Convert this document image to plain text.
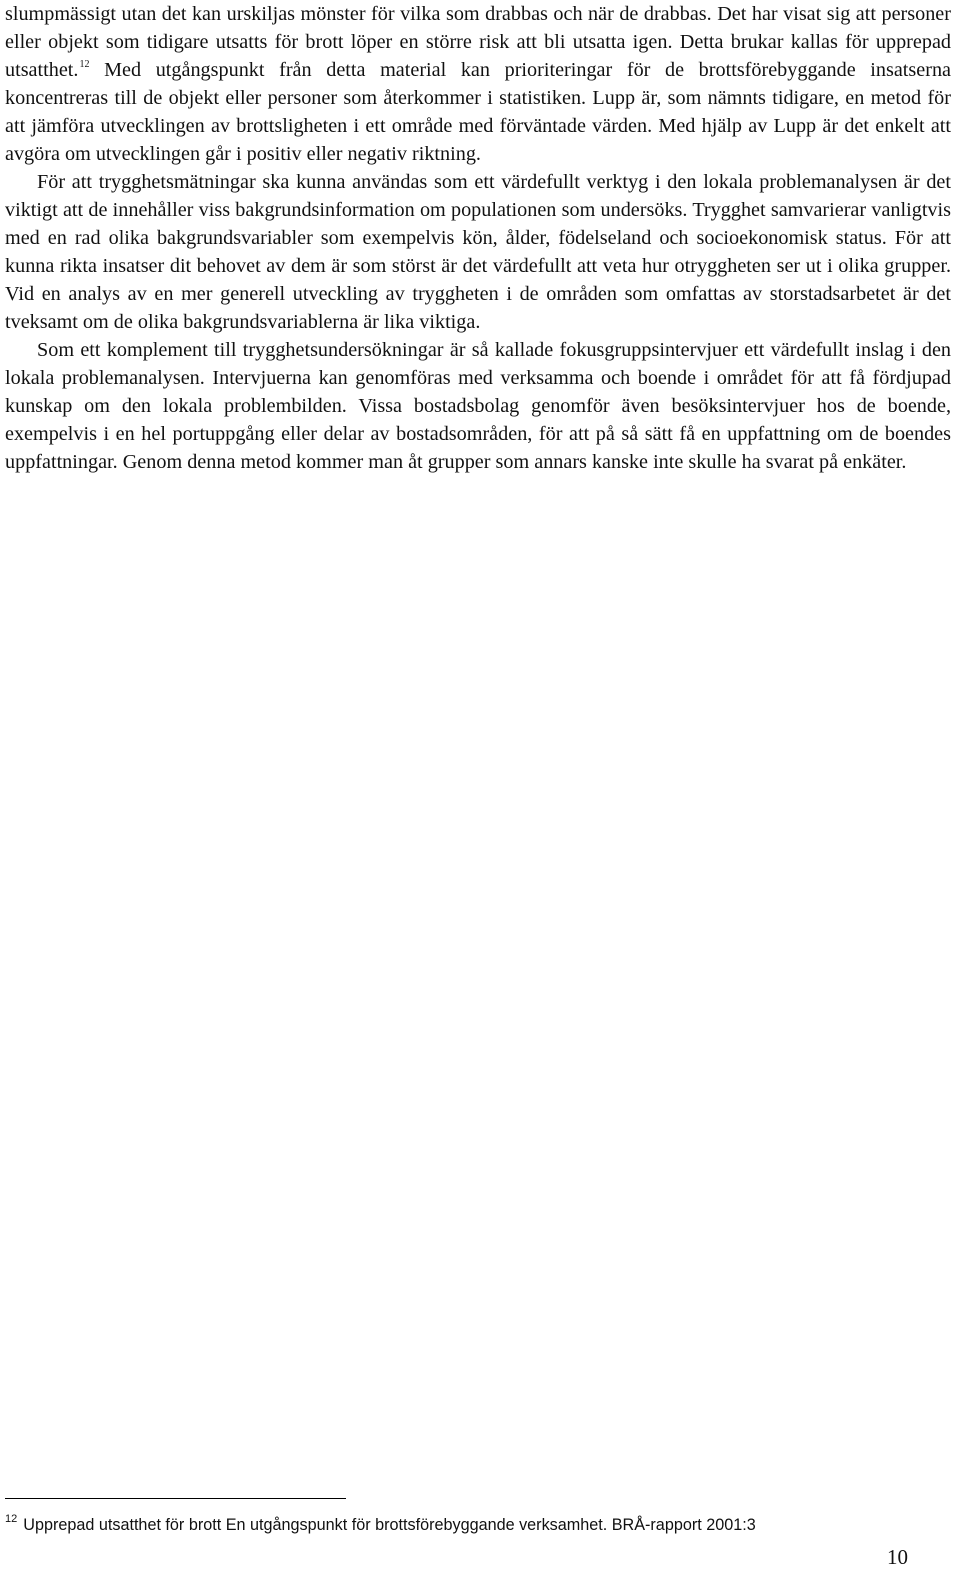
slumpmässigt utan det kan urskiljas mönster för vilka som drabbas och när de drabbas. Det har visat sig att personer eller objekt som tidigare utsatts för brott löper en större risk att bli utsatta igen. Detta brukar kallas för upprepad utsatthet.$^{12}$ Med utgångspunkt från detta material kan prioriteringar för de brottsförebyggande insatserna koncentreras till de objekt eller personer som återkommer i statistiken. Lupp är, som nämnts tidigare, en metod för att jämföra utvecklingen av brottsligheten i ett område med förväntade värden. Med hjälp av Lupp är det enkelt att avgöra om utvecklingen går i positiv eller negativ riktning.

För att trygghetsmätningar ska kunna användas som ett värdefullt verktyg i den lokala problemanalysen är det viktigt att de innehåller viss bakgrundsinformation om populationen som undersöks. Trygghet samvarierar vanligtvis med en rad olika bakgrundsvariabler som exempelvis kön, ålder, födelseland och socioekonomisk status. För att kunna rikta insatser dit behovet av dem är som störst är det värdefullt att veta hur otryggheten ser ut i olika grupper. Vid en analys av en mer generell utveckling av tryggheten i de områden som omfattas av storstadsarbetet är det tveksamt om de olika bakgrundsvariablerna är lika viktiga.

Som ett komplement till trygghetsundersökningar är så kallade fokusgruppsintervjuer ett värdefullt inslag i den lokala problemanalysen. Intervjuerna kan genomföras med verksamma och boende i området för att få fördjupad kunskap om den lokala problembilden. Vissa bostadsbolag genomför även besöksintervjuer hos de boende, exempelvis i en hel portuppgång eller delar av bostadsområden, för att på så sätt få en uppfattning om de boendes uppfattningar. Genom denna metod kommer man åt grupper som annars kanske inte skulle ha svarat på enkäter.

$^{12}$ Upprepad utsatthet för brott En utgångspunkt för brottsförebyggande verksamhet. BRÅ-rapport 2001:3
10
